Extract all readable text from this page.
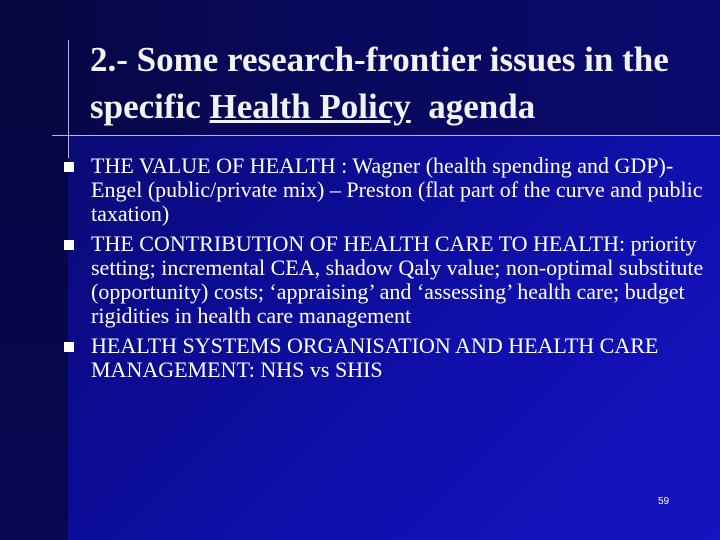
2.- Some research-frontier issues in the specific Health Policy  agenda
THE VALUE OF HEALTH : Wagner (health spending and GDP)-Engel (public/private mix) – Preston (flat part of the curve and public taxation)
THE CONTRIBUTION OF HEALTH CARE TO HEALTH: priority setting; incremental CEA, shadow Qaly value; non-optimal substitute (opportunity) costs; ‘appraising’ and ‘assessing’ health care; budget rigidities in health care management
HEALTH SYSTEMS ORGANISATION AND HEALTH CARE MANAGEMENT: NHS vs SHIS
59
